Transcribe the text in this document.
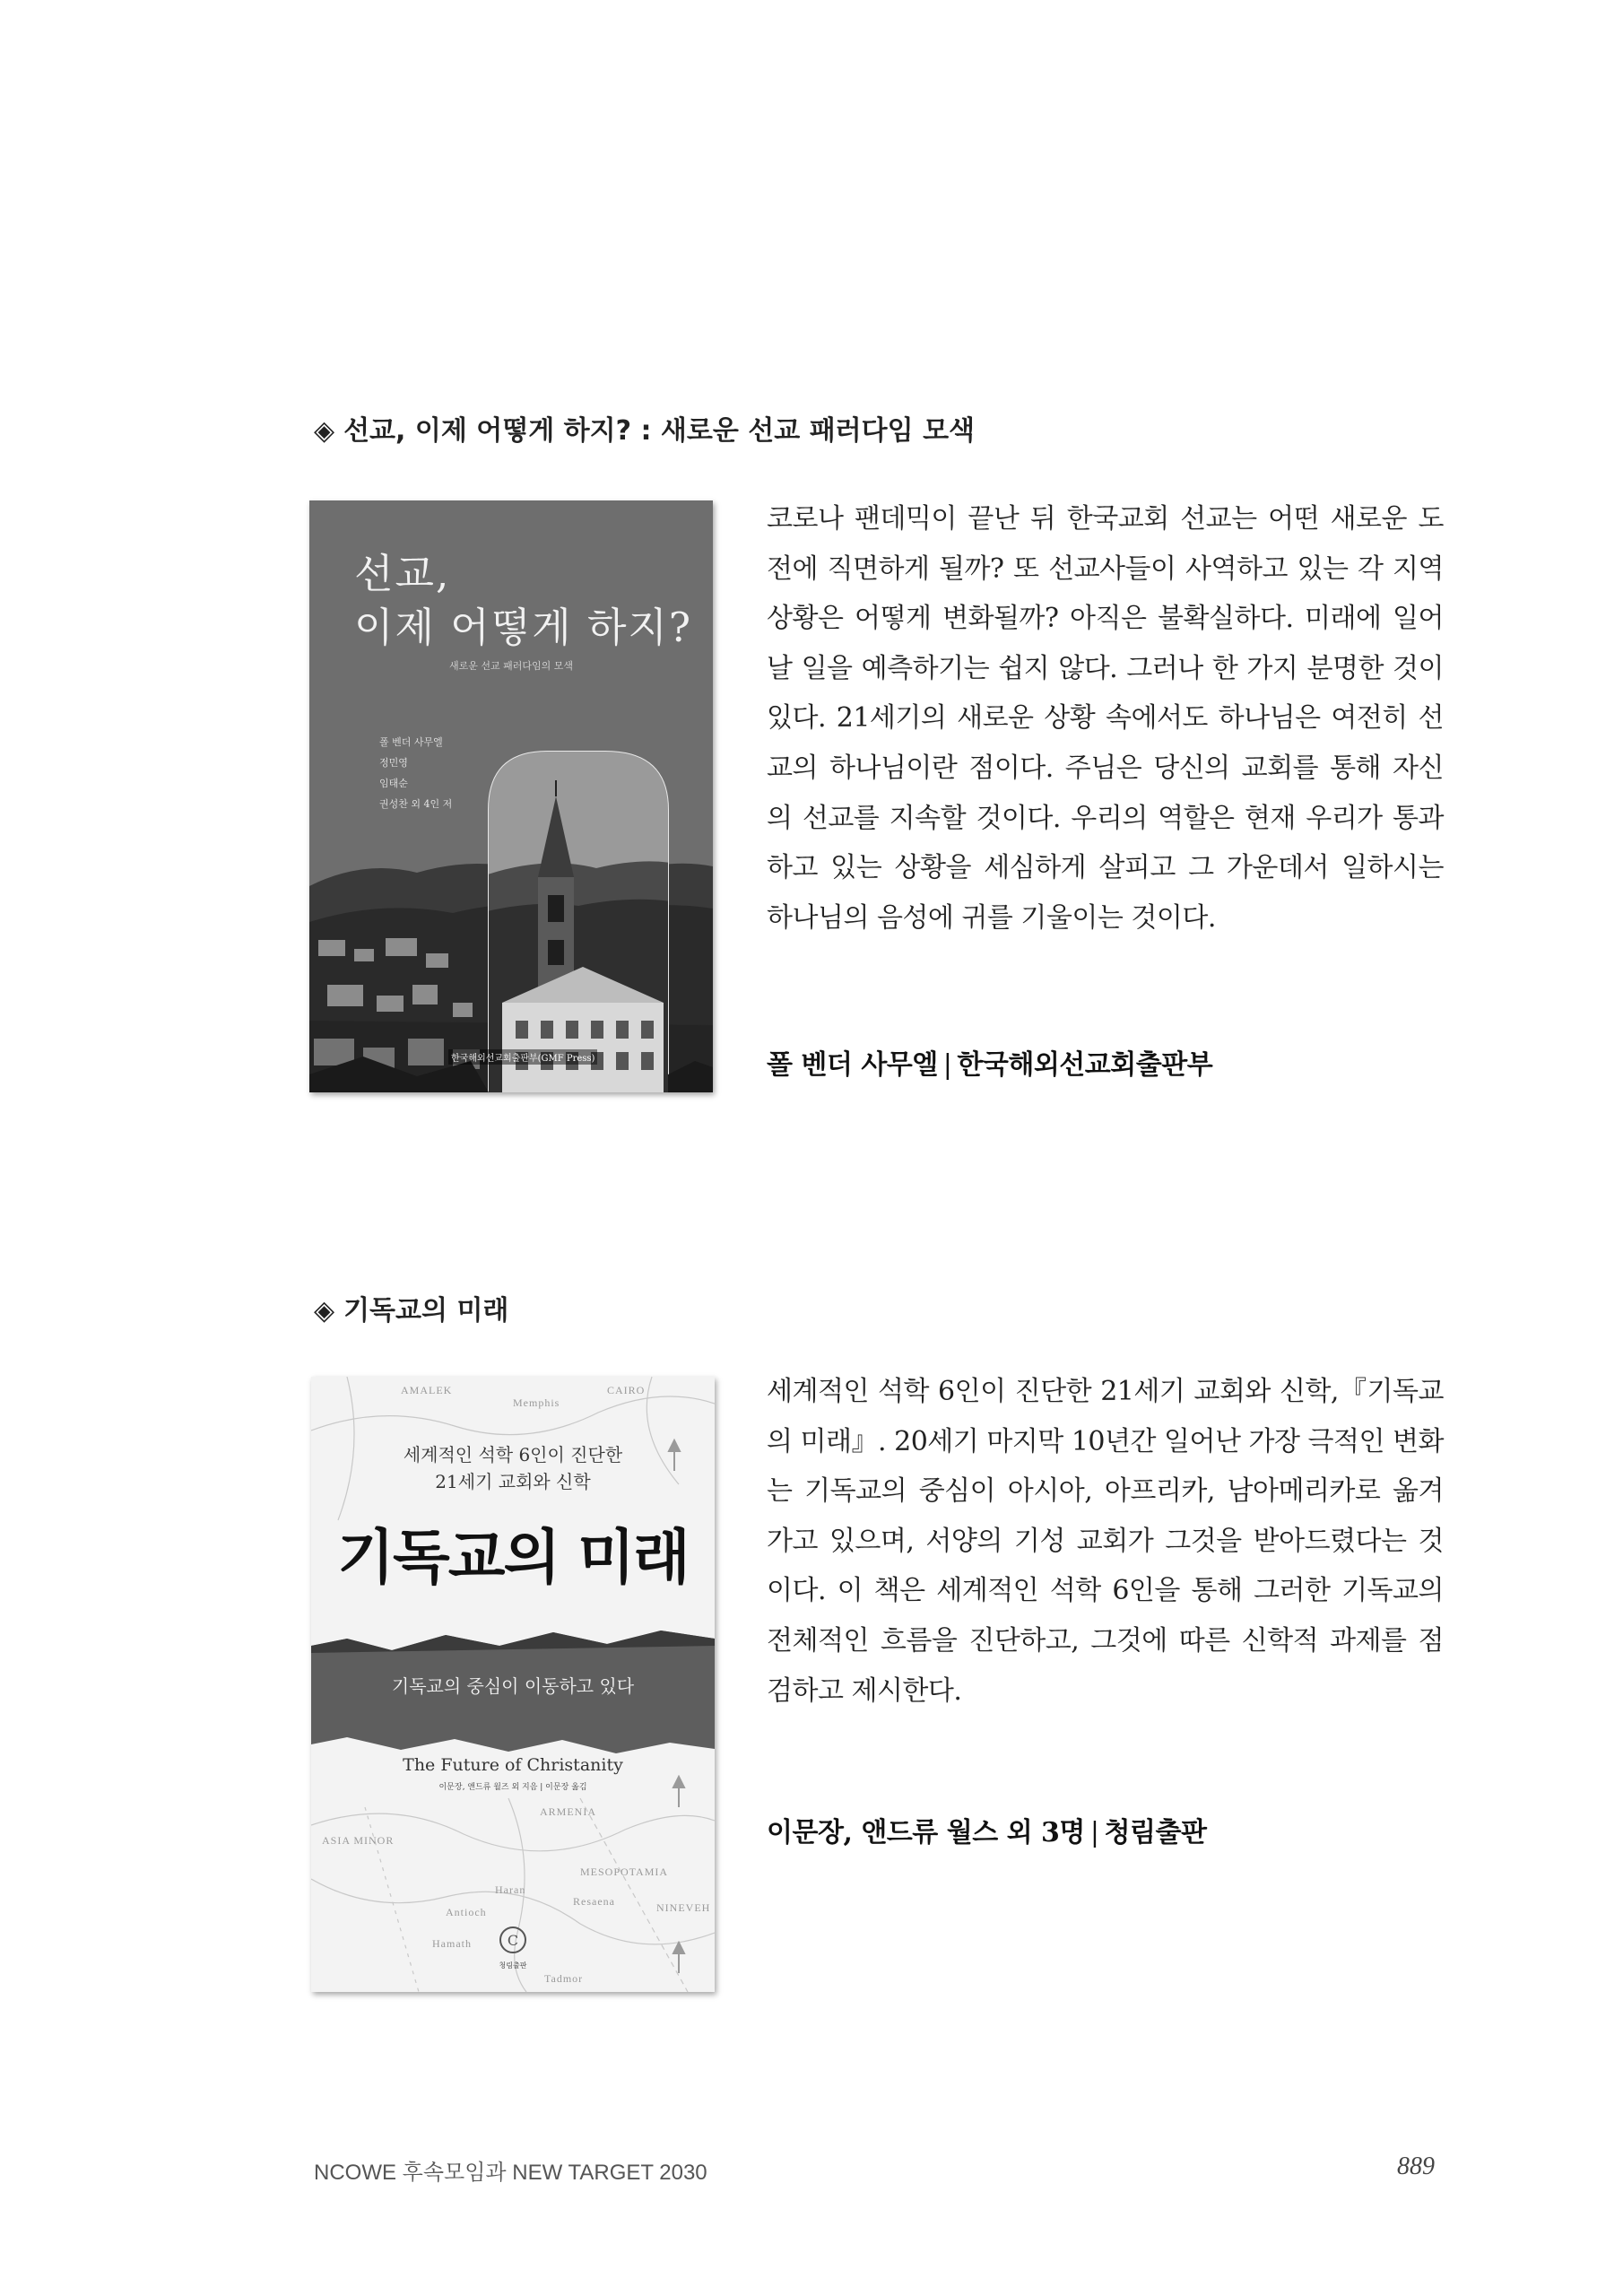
◈ 선교, 이제 어떻게 하지? : 새로운 선교 패러다임 모색
선교,
이제 어떻게 하지?
새로운 선교 패러다임의 모색
폴 벤더 사무엘
정민영
임태순
권성찬 외 4인 저
한국해외선교회출판부(GMF Press)
코로나 팬데믹이 끝난 뒤 한국교회 선교는 어떤 새로운 도전에 직면하게 될까? 또 선교사들이 사역하고 있는 각 지역 상황은 어떻게 변화될까? 아직은 불확실하다. 미래에 일어날 일을 예측하기는 쉽지 않다. 그러나 한 가지 분명한 것이 있다. 21세기의 새로운 상황 속에서도 하나님은 여전히 선교의 하나님이란 점이다. 주님은 당신의 교회를 통해 자신의 선교를 지속할 것이다. 우리의 역할은 현재 우리가 통과하고 있는 상황을 세심하게 살피고 그 가운데서 일하시는 하나님의 음성에 귀를 기울이는 것이다.
폴 벤더 사무엘 | 한국해외선교회출판부
◈ 기독교의 미래
C
AMALEK	CAIRO
Memphis
ASIA MINOR
ARMENIA
Haran
Resaena
Antioch
Hamath
Tadmor
MESOPOTAMIA
NINEVEH
세계적인 석학 6인이 진단한
21세기 교회와 신학
기독교의 미래
기독교의 중심이 이동하고 있다
The Future of Christanity
이문장, 앤드류 월즈 외 지음 | 이문장 옮김
청림출판
세계적인 석학 6인이 진단한 21세기 교회와 신학,『기독교의 미래』. 20세기 마지막 10년간 일어난 가장 극적인 변화는 기독교의 중심이 아시아, 아프리카, 남아메리카로 옮겨가고 있으며, 서양의 기성 교회가 그것을 받아드렸다는 것이다. 이 책은 세계적인 석학 6인을 통해 그러한 기독교의 전체적인 흐름을 진단하고, 그것에 따른 신학적 과제를 점검하고 제시한다.
이문장, 앤드류 월스 외 3명 | 청림출판
NCOWE 후속모임과 NEW TARGET 2030	889
